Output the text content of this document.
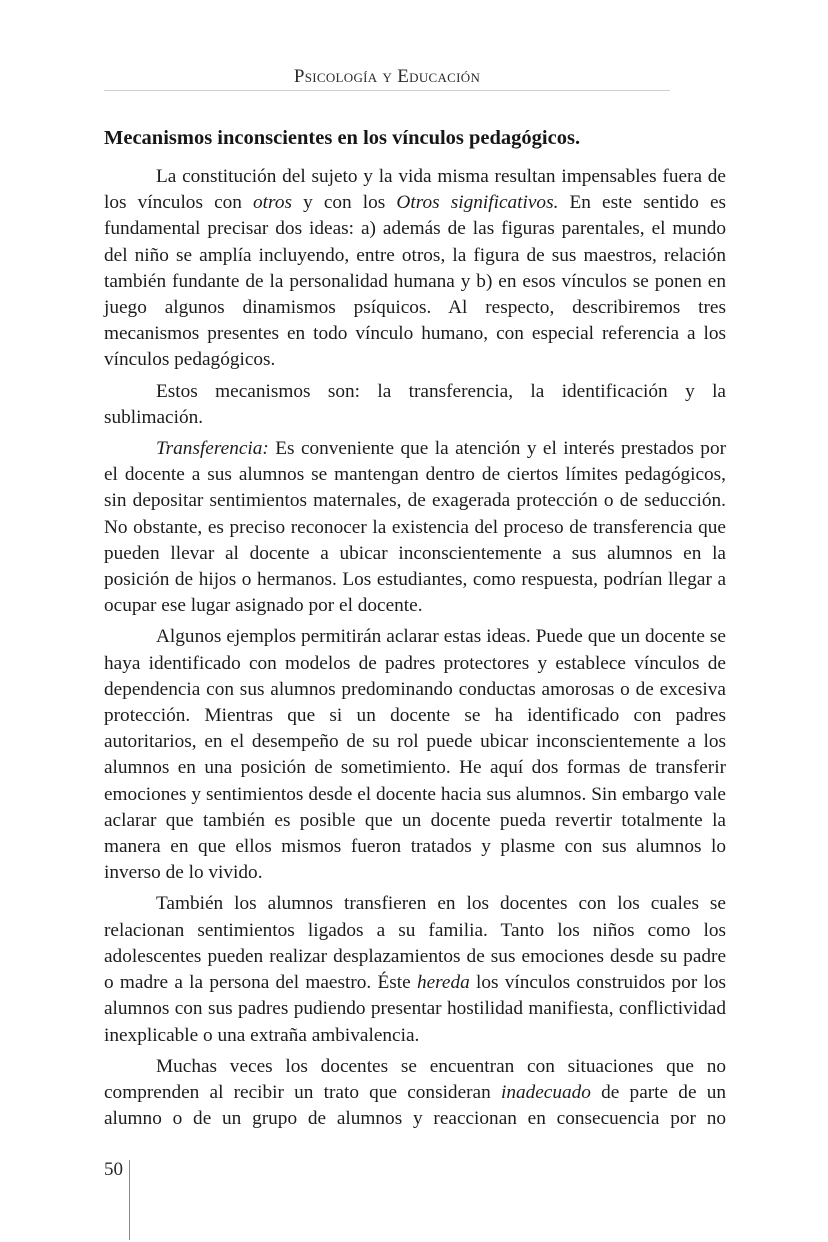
Psicología y Educación
Mecanismos inconscientes en los vínculos pedagógicos.

La constitución del sujeto y la vida misma resultan impensables fuera de los vínculos con otros y con los Otros significativos. En este sentido es fundamental precisar dos ideas: a) además de las figuras parentales, el mundo del niño se amplía incluyendo, entre otros, la figura de sus maestros, relación también fundante de la personalidad humana y b) en esos vínculos se ponen en juego algunos dinamismos psíquicos. Al respecto, describiremos tres mecanismos presentes en todo vínculo humano, con especial referencia a los vínculos pedagógicos.

Estos mecanismos son: la transferencia, la identificación y la sublimación.

Transferencia: Es conveniente que la atención y el interés prestados por el docente a sus alumnos se mantengan dentro de ciertos límites pedagógicos, sin depositar sentimientos maternales, de exagerada protección o de seducción. No obstante, es preciso reconocer la existencia del proceso de transferencia que pueden llevar al docente a ubicar inconscientemente a sus alumnos en la posición de hijos o hermanos. Los estudiantes, como respuesta, podrían llegar a ocupar ese lugar asignado por el docente.

Algunos ejemplos permitirán aclarar estas ideas. Puede que un docente se haya identificado con modelos de padres protectores y establece vínculos de dependencia con sus alumnos predominando conductas amorosas o de excesiva protección. Mientras que si un docente se ha identificado con padres autoritarios, en el desempeño de su rol puede ubicar inconscientemente a los alumnos en una posición de sometimiento. He aquí dos formas de transferir emociones y sentimientos desde el docente hacia sus alumnos. Sin embargo vale aclarar que también es posible que un docente pueda revertir totalmente la manera en que ellos mismos fueron tratados y plasme con sus alumnos lo inverso de lo vivido.

También los alumnos transfieren en los docentes con los cuales se relacionan sentimientos ligados a su familia. Tanto los niños como los adolescentes pueden realizar desplazamientos de sus emociones desde su padre o madre a la persona del maestro. Éste hereda los vínculos construidos por los alumnos con sus padres pudiendo presentar hostilidad manifiesta, conflictividad inexplicable o una extraña ambivalencia.

Muchas veces los docentes se encuentran con situaciones que no comprenden al recibir un trato que consideran inadecuado de parte de un alumno o de un grupo de alumnos y reaccionan en consecuencia por no

50
